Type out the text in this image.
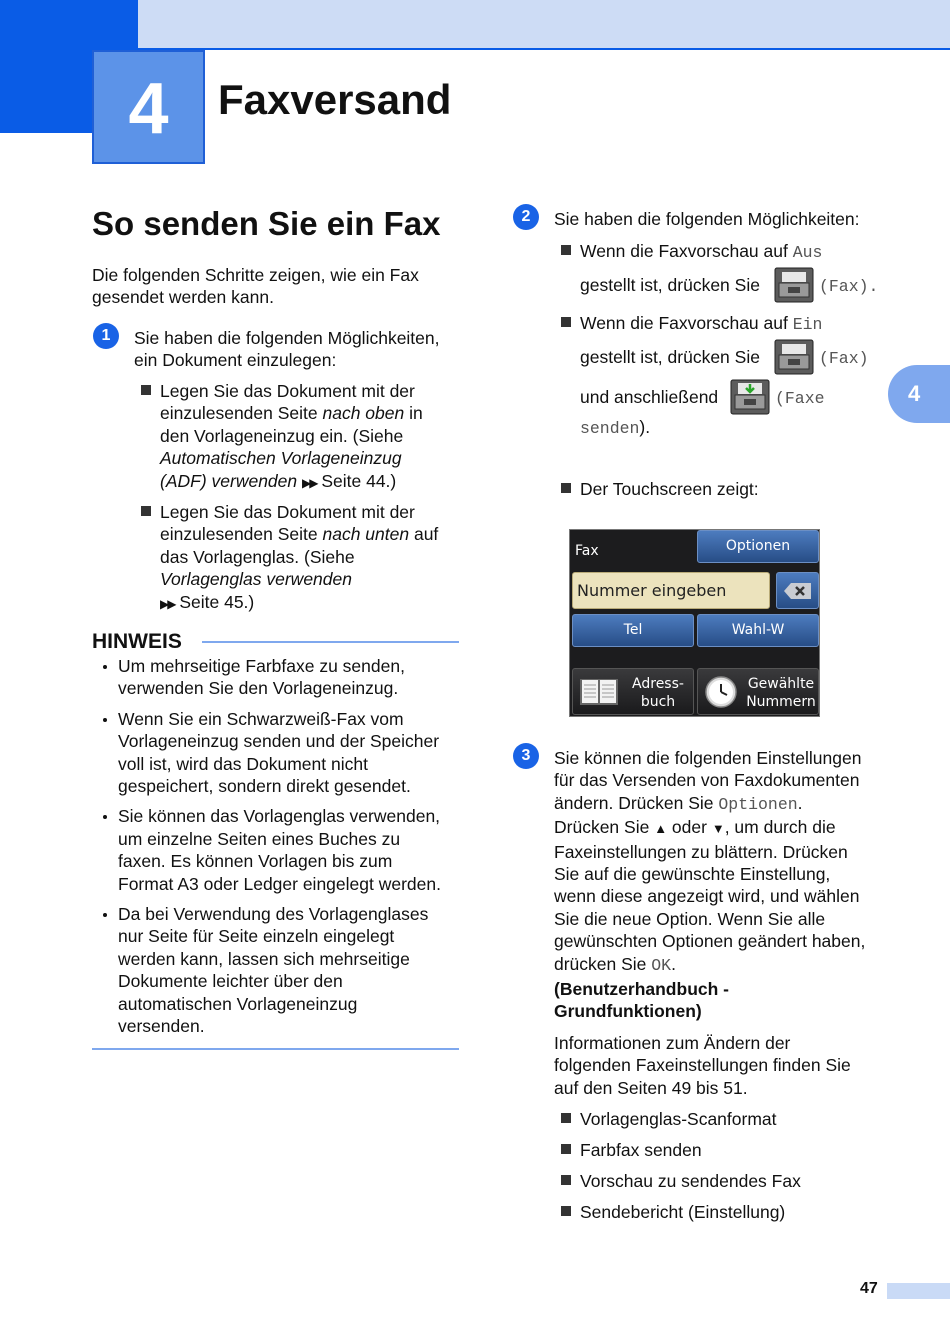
4	Faxversand
4
So senden Sie ein Fax
Die folgenden Schritte zeigen, wie ein Fax
gesendet werden kann.
1	Sie haben die folgenden Möglichkeiten,
ein Dokument einzulegen:
Legen Sie das Dokument mit der
einzulesenden Seite nach oben in
den Vorlageneinzug ein. (Siehe
Automatischen Vorlageneinzug
(ADF) verwenden ▶▶ Seite 44.)
Legen Sie das Dokument mit der
einzulesenden Seite nach unten auf
das Vorlagenglas. (Siehe
Vorlagenglas verwenden
▶▶ Seite 45.)
HINWEIS
Um mehrseitige Farbfaxe zu senden,
verwenden Sie den Vorlageneinzug.
Wenn Sie ein Schwarzweiß-Fax vom
Vorlageneinzug senden und der Speicher
voll ist, wird das Dokument nicht
gespeichert, sondern direkt gesendet.
Sie können das Vorlagenglas verwenden,
um einzelne Seiten eines Buches zu
faxen. Es können Vorlagen bis zum
Format A3 oder Ledger eingelegt werden.
Da bei Verwendung des Vorlagenglases
nur Seite für Seite einzeln eingelegt
werden kann, lassen sich mehrseitige
Dokumente leichter über den
automatischen Vorlageneinzug
versenden.
2	Sie haben die folgenden Möglichkeiten:
Wenn die Faxvorschau auf Aus
gestellt ist, drücken Sie	(Fax).
Wenn die Faxvorschau auf Ein
gestellt ist, drücken Sie	(Fax)
und anschließend	(Faxe
senden).
Der Touchscreen zeigt:
Fax	Optionen
Nummer eingeben
Tel	Wahl-W
Adress-
buch
Gewählte
Nummern
3	Sie können die folgenden Einstellungen
für das Versenden von Faxdokumenten
ändern. Drücken Sie Optionen.
Drücken Sie ▲ oder ▼, um durch die
Faxeinstellungen zu blättern. Drücken
Sie auf die gewünschte Einstellung,
wenn diese angezeigt wird, und wählen
Sie die neue Option. Wenn Sie alle
gewünschten Optionen geändert haben,
drücken Sie OK.
(Benutzerhandbuch -
Grundfunktionen)
Informationen zum Ändern der
folgenden Faxeinstellungen finden Sie
auf den Seiten 49 bis 51.
Vorlagenglas-Scanformat
Farbfax senden
Vorschau zu sendendes Fax
Sendebericht (Einstellung)
47
